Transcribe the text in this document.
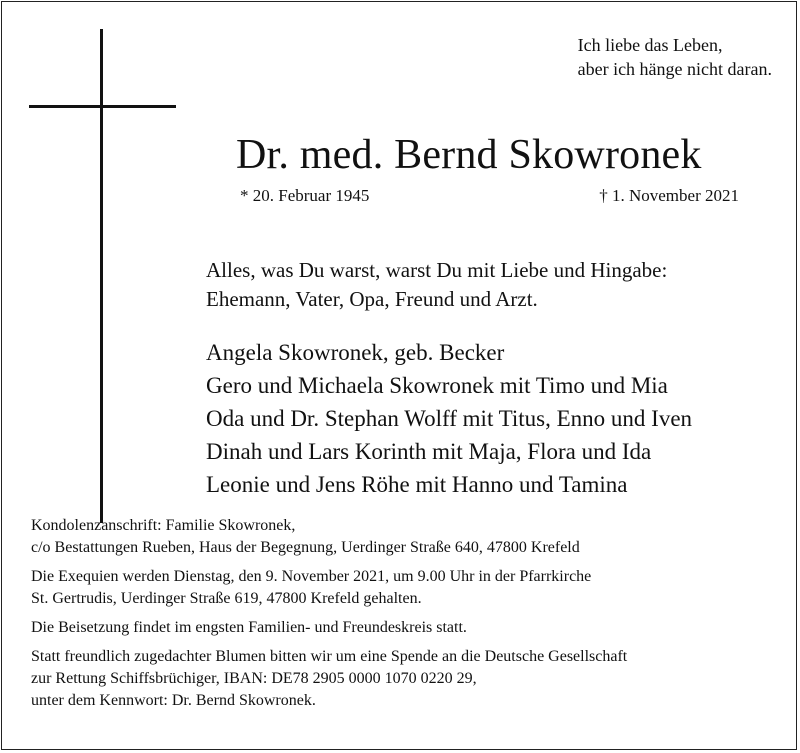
Ich liebe das Leben,
aber ich hänge nicht daran.
Dr. med. Bernd Skowronek
* 20. Februar 1945	† 1. November 2021
Alles, was Du warst, warst Du mit Liebe und Hingabe:
Ehemann, Vater, Opa, Freund und Arzt.
Angela Skowronek, geb. Becker
Gero und Michaela Skowronek mit Timo und Mia
Oda und Dr. Stephan Wolff mit Titus, Enno und Iven
Dinah und Lars Korinth mit Maja, Flora und Ida
Leonie und Jens Röhe mit Hanno und Tamina

Kondolenzanschrift: Familie Skowronek,
c/o Bestattungen Rueben, Haus der Begegnung, Uerdinger Straße 640, 47800 Krefeld

Die Exequien werden Dienstag, den 9. November 2021, um 9.00 Uhr in der Pfarrkirche
St. Gertrudis, Uerdinger Straße 619, 47800 Krefeld gehalten.

Die Beisetzung findet im engsten Familien- und Freundeskreis statt.

Statt freundlich zugedachter Blumen bitten wir um eine Spende an die Deutsche Gesellschaft
zur Rettung Schiffsbrüchiger, IBAN: DE78 2905 0000 1070 0220 29,
unter dem Kennwort: Dr. Bernd Skowronek.
